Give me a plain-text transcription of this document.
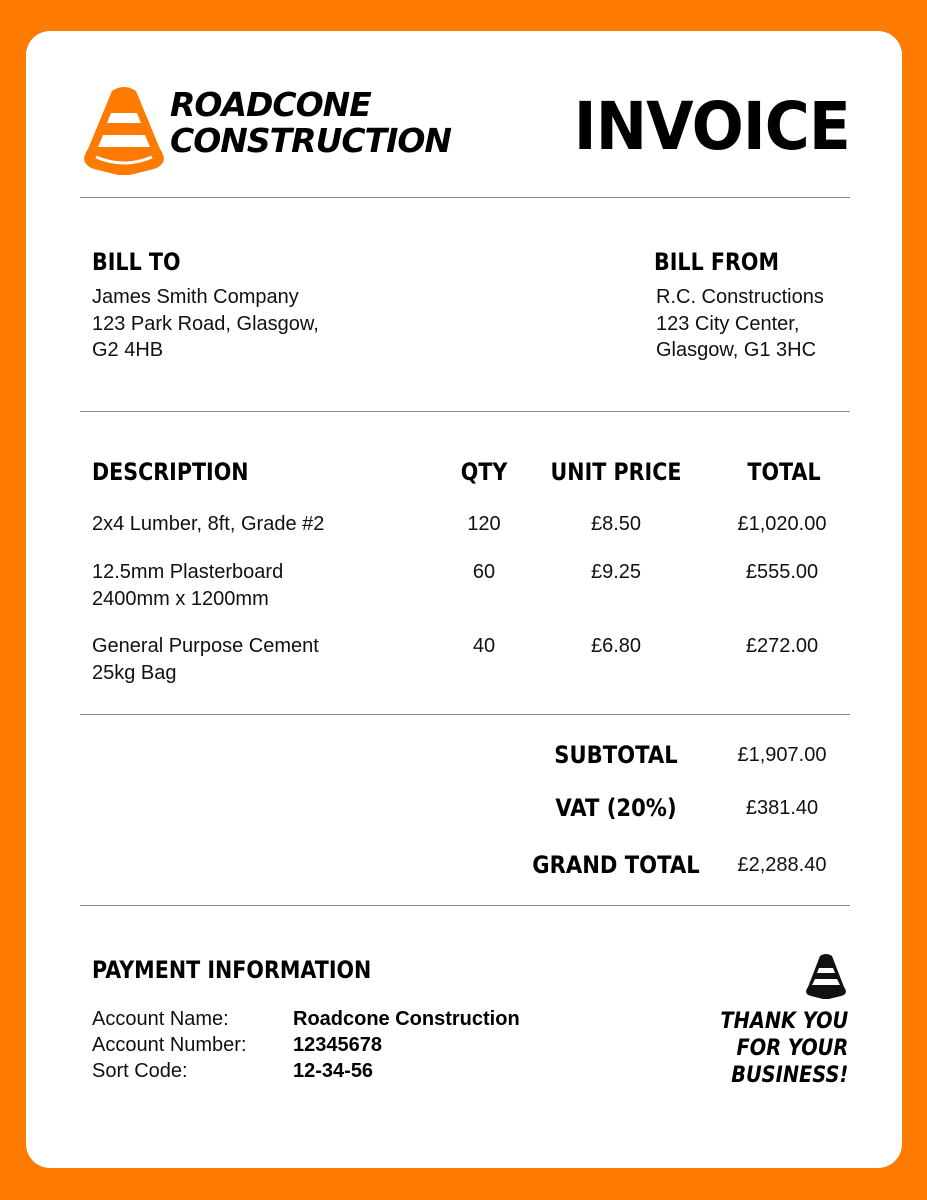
ROADCONE
CONSTRUCTION INVOICE
BILL TO
James Smith Company
123 Park Road, Glasgow,
G2 4HB
BILL FROM
R.C. Constructions
123 City Center,
Glasgow, G1 3HC
DESCRIPTION	QTY	UNIT PRICE	TOTAL
2x4 Lumber, 8ft, Grade #2	120	£8.50	£1,020.00
12.5mm Plasterboard
2400mm x 1200mm
60	£9.25	£555.00
General Purpose Cement
25kg Bag
40	£6.80	£272.00
SUBTOTAL	£1,907.00
VAT (20%)	£381.40
GRAND TOTAL	£2,288.40
PAYMENT INFORMATION
Account Name:	Roadcone Construction
Account Number: 12345678
Sort Code:	12-34-56
THANK YOU
FOR YOUR
BUSINESS!
